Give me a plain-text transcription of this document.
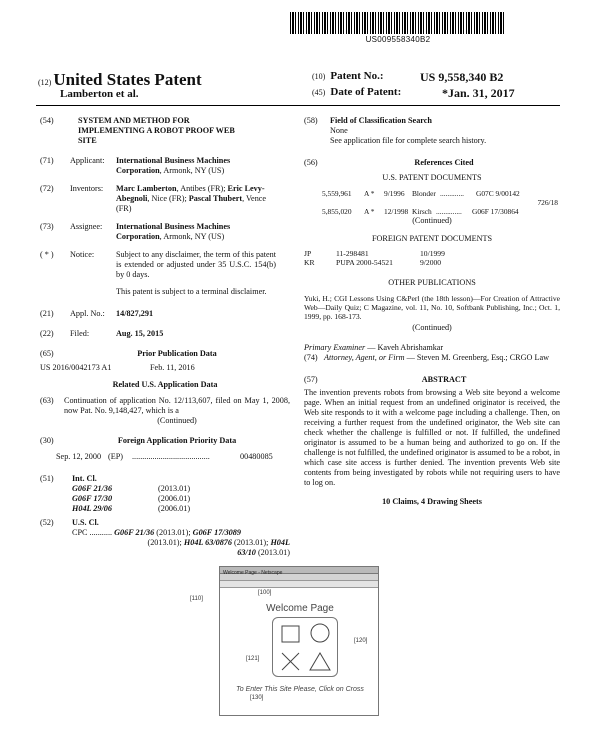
US009558340B2
(12) United States Patent
Lamberton et al.
(10) Patent No.:	US 9,558,340 B2
(45) Date of Patent:	*Jan. 31, 2017
(54)	SYSTEM AND METHOD FOR IMPLEMENTING A ROBOT PROOF WEB SITE
(71)	Applicant:	International Business Machines Corporation, Armonk, NY (US)
(72)	Inventors:	Marc Lamberton, Antibes (FR); Eric Levy-Abegnoli, Nice (FR); Pascal Thubert, Vence (FR)
(73)	Assignee:	International Business Machines Corporation, Armonk, NY (US)
( * )	Notice:	Subject to any disclaimer, the term of this patent is extended or adjusted under 35 U.S.C. 154(b) by 0 days.
This patent is subject to a terminal disclaimer.
(21)	Appl. No.:	14/827,291
(22)	Filed:	Aug. 15, 2015
(65)	Prior Publication Data
US 2016/0042173 A1	Feb. 11, 2016
Related U.S. Application Data
(63)	Continuation of application No. 12/113,607, filed on May 1, 2008, now Pat. No. 9,148,427, which is a
(Continued)
(30)	Foreign Application Priority Data
Sep. 12, 2000 (EP)	......................................	00480085
(51)	Int. Cl.
G06F 21/36	(2013.01)
G06F 17/30	(2006.01)
H04L 29/06	(2006.01)
(52)	U.S. Cl.
CPC ........... G06F 21/36 (2013.01); G06F 17/3089
(2013.01); H04L 63/0876 (2013.01); H04L
63/10 (2013.01)
(58)	Field of Classification Search
None
See application file for complete search history.
(56)	References Cited
U.S. PATENT DOCUMENTS
5,559,961	A *	9/1996	Blonder .............	G07C 9/00142
726/18
5,855,020	A *	12/1998 Kirsch ..............	G06F 17/30864
(Continued)
FOREIGN PATENT DOCUMENTS
JP	11-298481	10/1999
KR	PUPA 2000-54521	9/2000
OTHER PUBLICATIONS
Yuki, H.; CGI Lessons Using C&Perl (the 18th lesson)—For Creation of Attractive Web—Daily Quiz; C Magazine, vol. 11, No. 10, Softbank Publishing, Inc.; Oct. 1, 1999, pp. 168-173.
(Continued)
Primary Examiner — Kaveh Abrishamkar
(74) Attorney, Agent, or Firm — Steven M. Greenberg, Esq.; CRGO Law
(57)	ABSTRACT
The invention prevents robots from browsing a Web site beyond a welcome page. When an initial request from an undefined originator is received, the Web site responds to it with a welcome page including a challenge. Then, on receiving a further request from the undefined originator, the Web site can check whether the challenge is fulfilled or not. If fulfilled, the undefined originator is assumed to be a human being and authorized to go on. If the challenge is not fulfilled, the undefined originator is assumed to be a robot, in which case site access is further denied. The invention prevents Web site contents from being investigated by robots while not requiring users to have to log on.
10 Claims, 4 Drawing Sheets
Welcome Page - Netscape
Welcome Page
To Enter This Site Please, Click on Cross
[100]
[110]
[120]
[121]
[130]
